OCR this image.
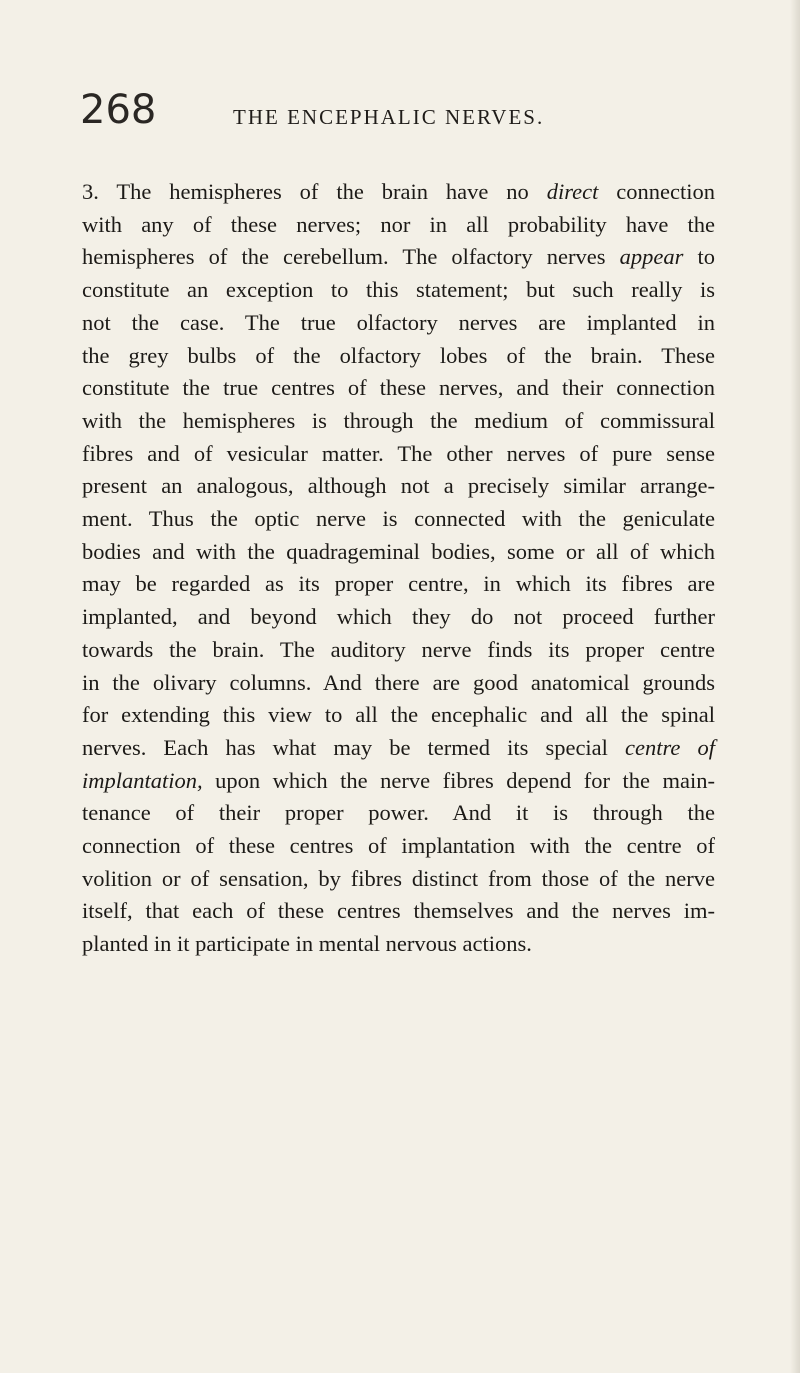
268	THE ENCEPHALIC NERVES.
3. The hemispheres of the brain have no direct connection
with any of these nerves; nor in all probability have the
hemispheres of the cerebellum. The olfactory nerves appear to
constitute an exception to this statement; but such really is
not the case. The true olfactory nerves are implanted in
the grey bulbs of the olfactory lobes of the brain. These
constitute the true centres of these nerves, and their connection
with the hemispheres is through the medium of commissural
fibres and of vesicular matter. The other nerves of pure sense
present an analogous, although not a precisely similar arrange-
ment. Thus the optic nerve is connected with the geniculate
bodies and with the quadrageminal bodies, some or all of which
may be regarded as its proper centre, in which its fibres are
implanted, and beyond which they do not proceed further
towards the brain. The auditory nerve finds its proper centre
in the olivary columns. And there are good anatomical grounds
for extending this view to all the encephalic and all the spinal
nerves. Each has what may be termed its special centre of
implantation, upon which the nerve fibres depend for the main-
tenance of their proper power. And it is through the
connection of these centres of implantation with the centre of
volition or of sensation, by fibres distinct from those of the nerve
itself, that each of these centres themselves and the nerves im-
planted in it participate in mental nervous actions.
